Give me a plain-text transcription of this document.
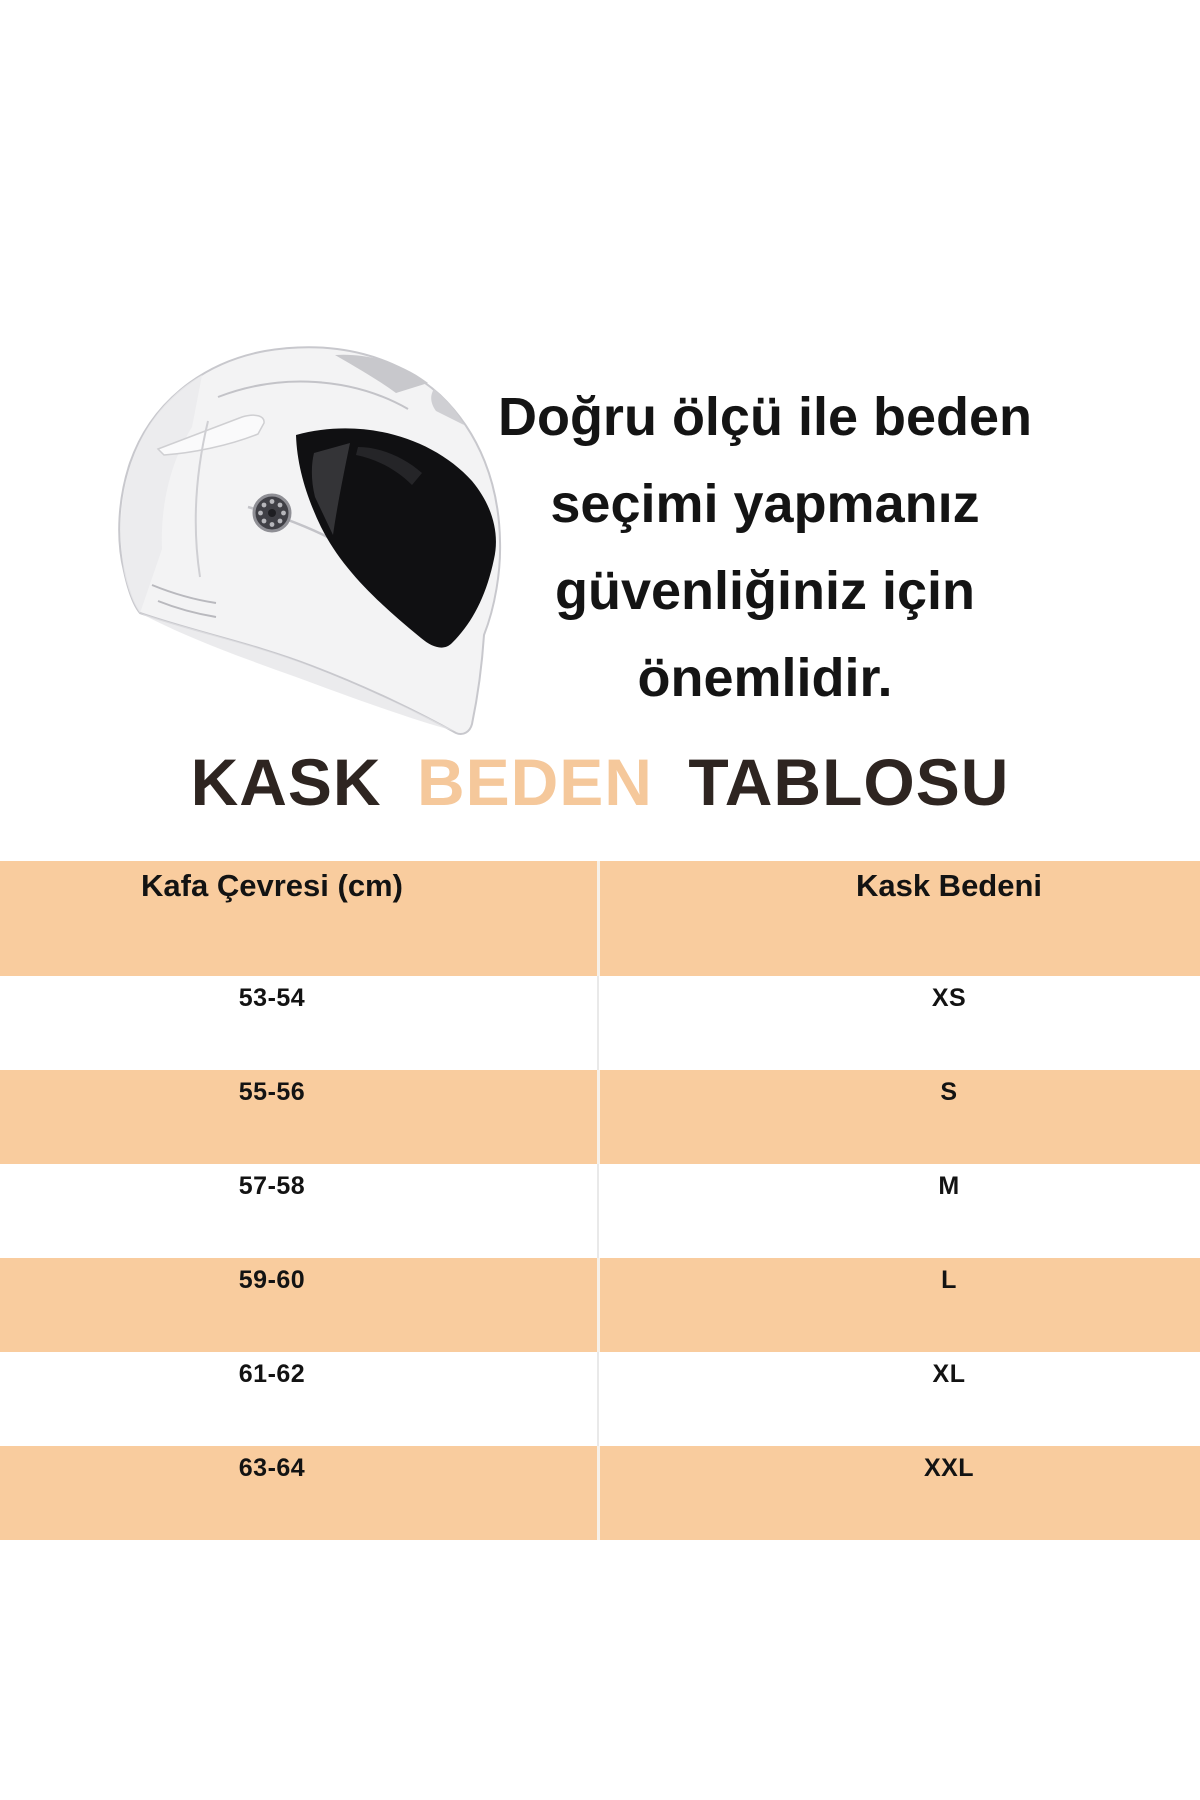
Doğru ölçü ile beden
seçimi yapmanız
güvenliğiniz için
önemlidir.
KASK BEDEN TABLOSU
Kafa Çevresi (cm)	Kask Bedeni
53-54	XS
55-56	S
57-58	M
59-60	L
61-62	XL
63-64	XXL
